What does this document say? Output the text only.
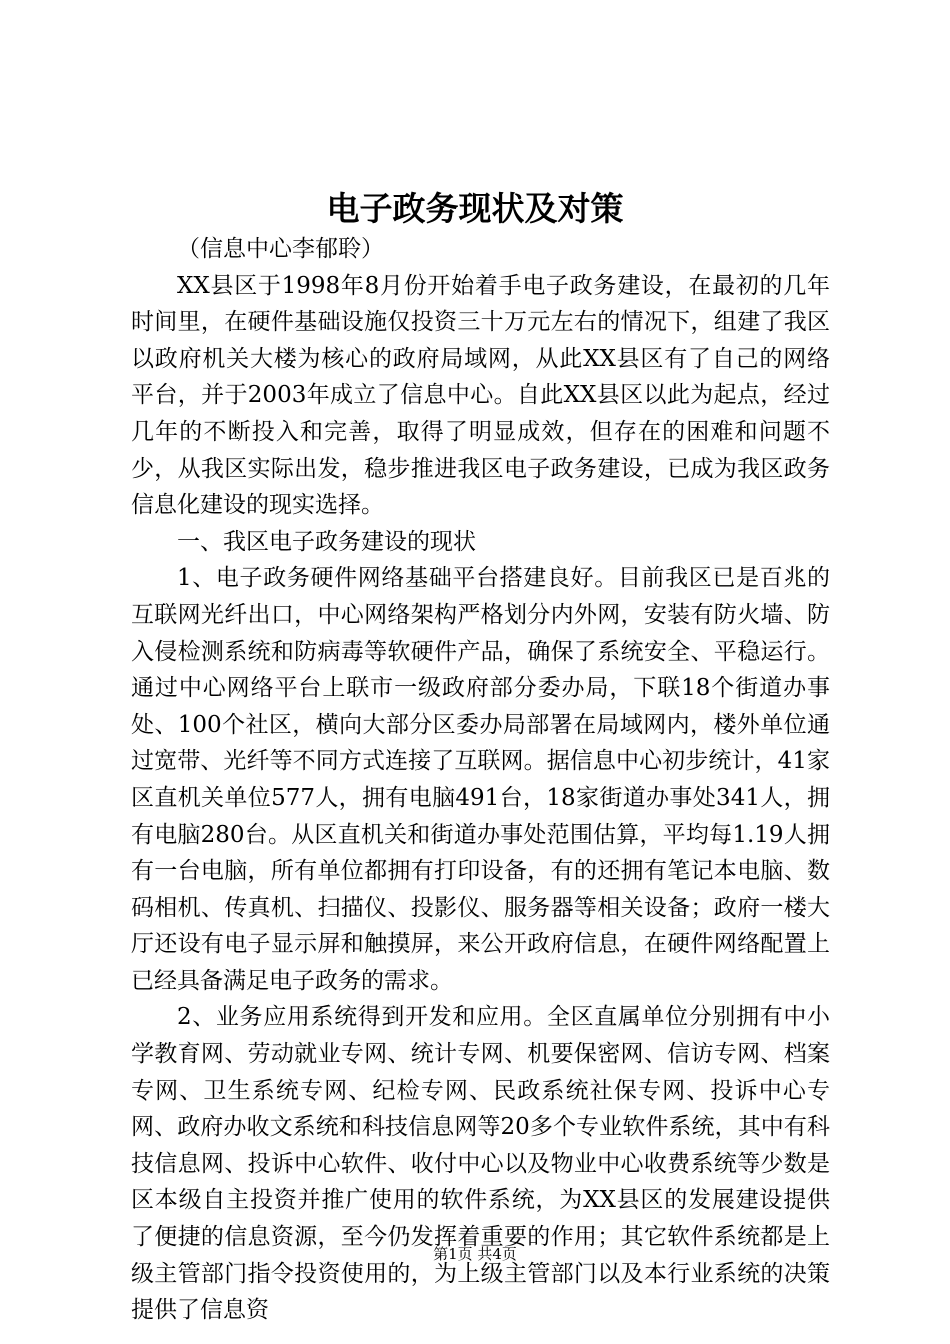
电子政务现状及对策

（信息中心李郁聆）

XX县区于1998年8月份开始着手电子政务建设，在最初的几年时间里，在硬件基础设施仅投资三十万元左右的情况下，组建了我区以政府机关大楼为核心的政府局域网，从此XX县区有了自己的网络平台，并于2003年成立了信息中心。自此XX县区以此为起点，经过几年的不断投入和完善，取得了明显成效，但存在的困难和问题不少，从我区实际出发，稳步推进我区电子政务建设，已成为我区政务信息化建设的现实选择。

一、我区电子政务建设的现状

1、电子政务硬件网络基础平台搭建良好。目前我区已是百兆的互联网光纤出口，中心网络架构严格划分内外网，安装有防火墙、防入侵检测系统和防病毒等软硬件产品，确保了系统安全、平稳运行。通过中心网络平台上联市一级政府部分委办局，下联18个街道办事处、100个社区，横向大部分区委办局部署在局域网内，楼外单位通过宽带、光纤等不同方式连接了互联网。据信息中心初步统计，41家区直机关单位577人，拥有电脑491台，18家街道办事处341人，拥有电脑280台。从区直机关和街道办事处范围估算，平均每1.19人拥有一台电脑，所有单位都拥有打印设备，有的还拥有笔记本电脑、数码相机、传真机、扫描仪、投影仪、服务器等相关设备；政府一楼大厅还设有电子显示屏和触摸屏，来公开政府信息，在硬件网络配置上已经具备满足电子政务的需求。

2、业务应用系统得到开发和应用。全区直属单位分别拥有中小学教育网、劳动就业专网、统计专网、机要保密网、信访专网、档案专网、卫生系统专网、纪检专网、民政系统社保专网、投诉中心专网、政府办收文系统和科技信息网等20多个专业软件系统，其中有科技信息网、投诉中心软件、收付中心以及物业中心收费系统等少数是区本级自主投资并推广使用的软件系统，为XX县区的发展建设提供了便捷的信息资源，至今仍发挥着重要的作用；其它软件系统都是上级主管部门指令投资使用的，为上级主管部门以及本行业系统的决策提供了信息资

第1页 共4页
